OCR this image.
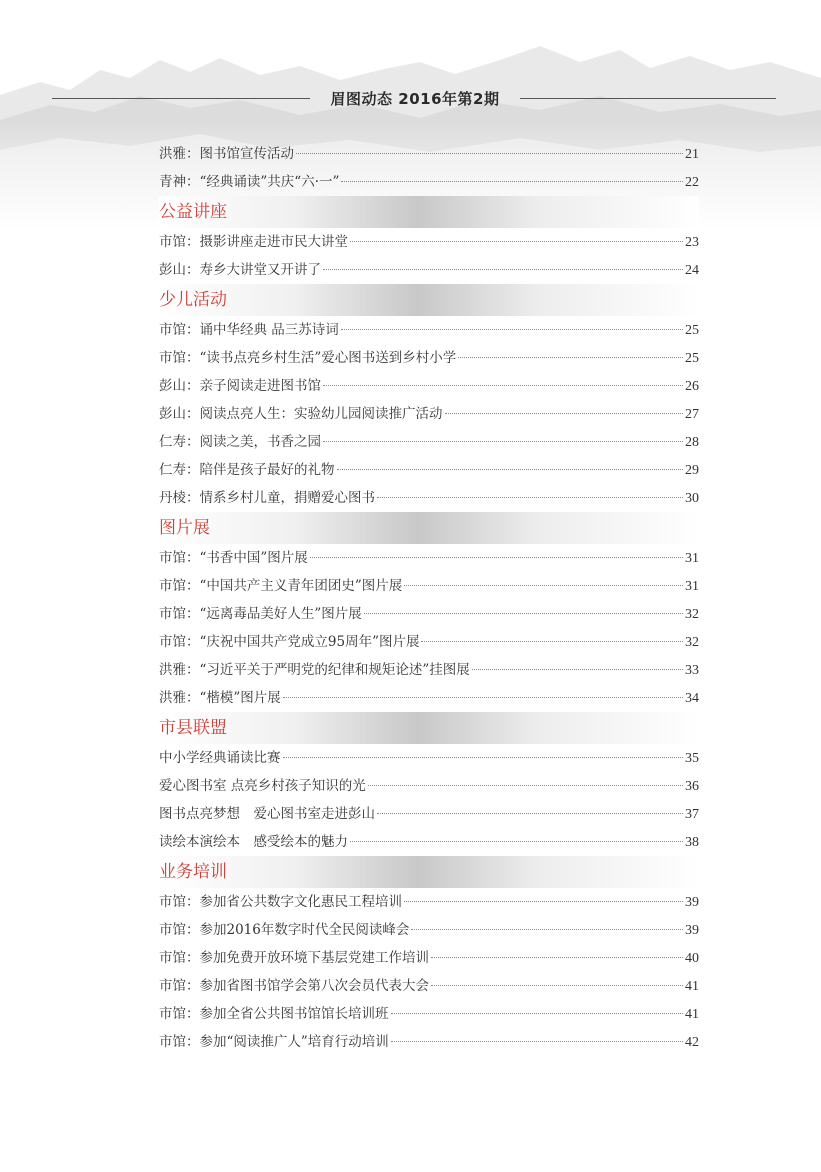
眉图动态 2016年第2期
洪雅：图书馆宣传活动	21
青神：“经典诵读”共庆“六·一”	22
公益讲座
市馆：摄影讲座走进市民大讲堂	23
彭山：寿乡大讲堂又开讲了	24
少儿活动
市馆：诵中华经典 品三苏诗词	25
市馆：“读书点亮乡村生活”爱心图书送到乡村小学	25
彭山：亲子阅读走进图书馆	26
彭山：阅读点亮人生：实验幼儿园阅读推广活动	27
仁寿：阅读之美，书香之园	28
仁寿：陪伴是孩子最好的礼物	29
丹棱：情系乡村儿童，捐赠爱心图书	30
图片展
市馆：“书香中国”图片展	31
市馆：“中国共产主义青年团团史”图片展	31
市馆：“远离毒品美好人生”图片展	32
市馆：“庆祝中国共产党成立95周年”图片展	32
洪雅：“习近平关于严明党的纪律和规矩论述”挂图展	33
洪雅：“楷模”图片展	34
市县联盟
中小学经典诵读比赛	35
爱心图书室 点亮乡村孩子知识的光	36
图书点亮梦想　爱心图书室走进彭山	37
读绘本演绘本　感受绘本的魅力	38
业务培训
市馆：参加省公共数字文化惠民工程培训	39
市馆：参加2016年数字时代全民阅读峰会	39
市馆：参加免费开放环境下基层党建工作培训	40
市馆：参加省图书馆学会第八次会员代表大会	41
市馆：参加全省公共图书馆馆长培训班	41
市馆：参加“阅读推广人”培育行动培训	42
